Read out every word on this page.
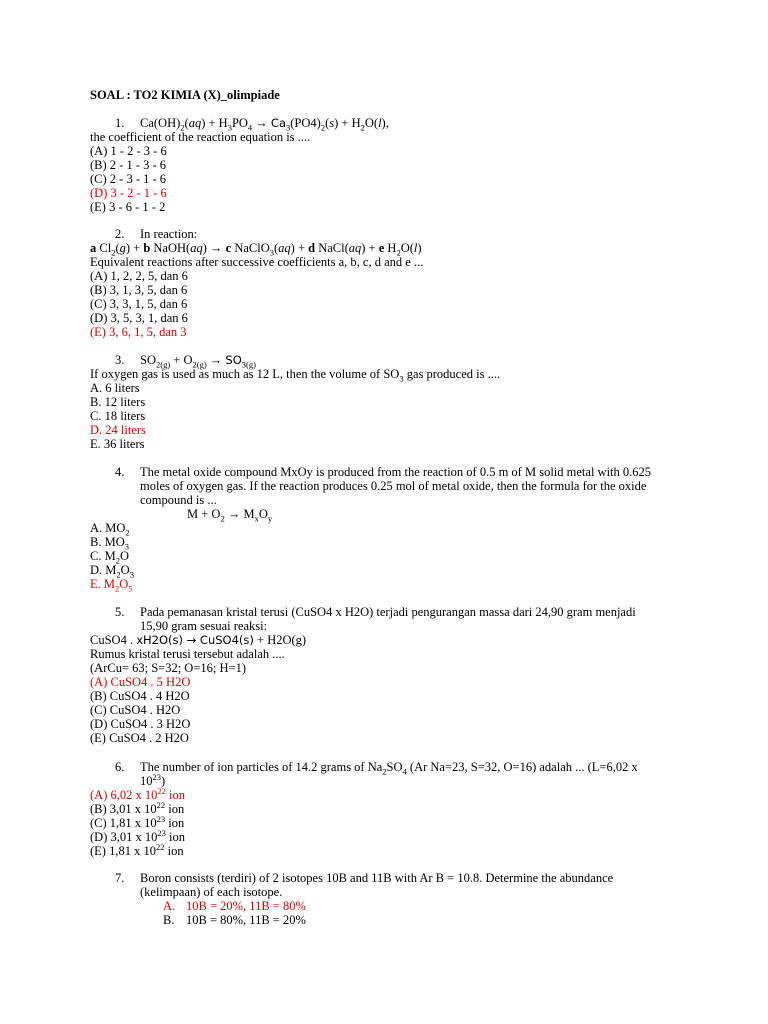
SOAL : TO2 KIMIA (X)_olimpiade
1. $Ca(OH)_2(aq) + H_3PO_4 \to Ca_3(PO4)_2(s) + H_2O(l)$,
the coefficient of the reaction equation is ....
(A) 1 - 2 - 3 - 6
(B) 2 - 1 - 3 - 6
(C) 2 - 3 - 1 - 6
(D) 3 - 2 - 1 - 6
(E) 3 - 6 - 1 - 2
2. In reaction:
a $Cl_2(g) + b$ NaOH(aq) → c NaClO$_3$(aq) + d NaCl(aq) + e $H_2O(l)$
Equivalent reactions after successive coefficients a, b, c, d and e ...
(A) 1, 2, 2, 5, dan 6
(B) 3, 1, 3, 5, dan 6
(C) 3, 3, 1, 5, dan 6
(D) 3, 5, 3, 1, dan 6
(E) 3, 6, 1, 5, dan 3
3. $SO_{2(g)} + O_{2(g)} \to SO_{3(g)}$
If oxygen gas is used as much as 12 L, then the volume of $SO_3$ gas produced is ....
A. 6 liters
B. 12 liters
C. 18 liters
D. 24 liters
E. 36 liters
4. The metal oxide compound MxOy is produced from the reaction of 0.5 m of M solid metal with 0.625
moles of oxygen gas. If the reaction produces 0.25 mol of metal oxide, then the formula for the oxide
compound is ...
$M + O_2 \to M_xO_y$
A. $MO_2$
B. $MO_3$
C. $M_2O$
D. $M_2O_3$
E. $M_2O_5$
5. Pada pemanasan kristal terusi (CuSO4 x H2O) terjadi pengurangan massa dari 24,90 gram menjadi
15,90 gram sesuai reaksi:
CuSO4 . xH2O(s) → CuSO4(s) + H2O(g)
Rumus kristal terusi tersebut adalah ....
(ArCu= 63; S=32; O=16; H=1)
(A) CuSO4 . 5 H2O
(B) CuSO4 . 4 H2O
(C) CuSO4 . H2O
(D) CuSO4 . 3 H2O
(E) CuSO4 . 2 H2O
6. The number of ion particles of 14.2 grams of $Na_2SO_4$ (Ar Na=23, S=32, O=16) adalah ... (L=6,02 x
$10^{23}$)
(A) 6,02 x $10^{22}$ ion
(B) 3,01 x $10^{22}$ ion
(C) 1,81 x $10^{23}$ ion
(D) 3,01 x $10^{23}$ ion
(E) 1,81 x $10^{22}$ ion
7. Boron consists (terdiri) of 2 isotopes 10B and 11B with Ar B = 10.8. Determine the abundance
(kelimpaan) of each isotope.
A. 10B = 20%, 11B = 80%
B. 10B = 80%, 11B = 20%
